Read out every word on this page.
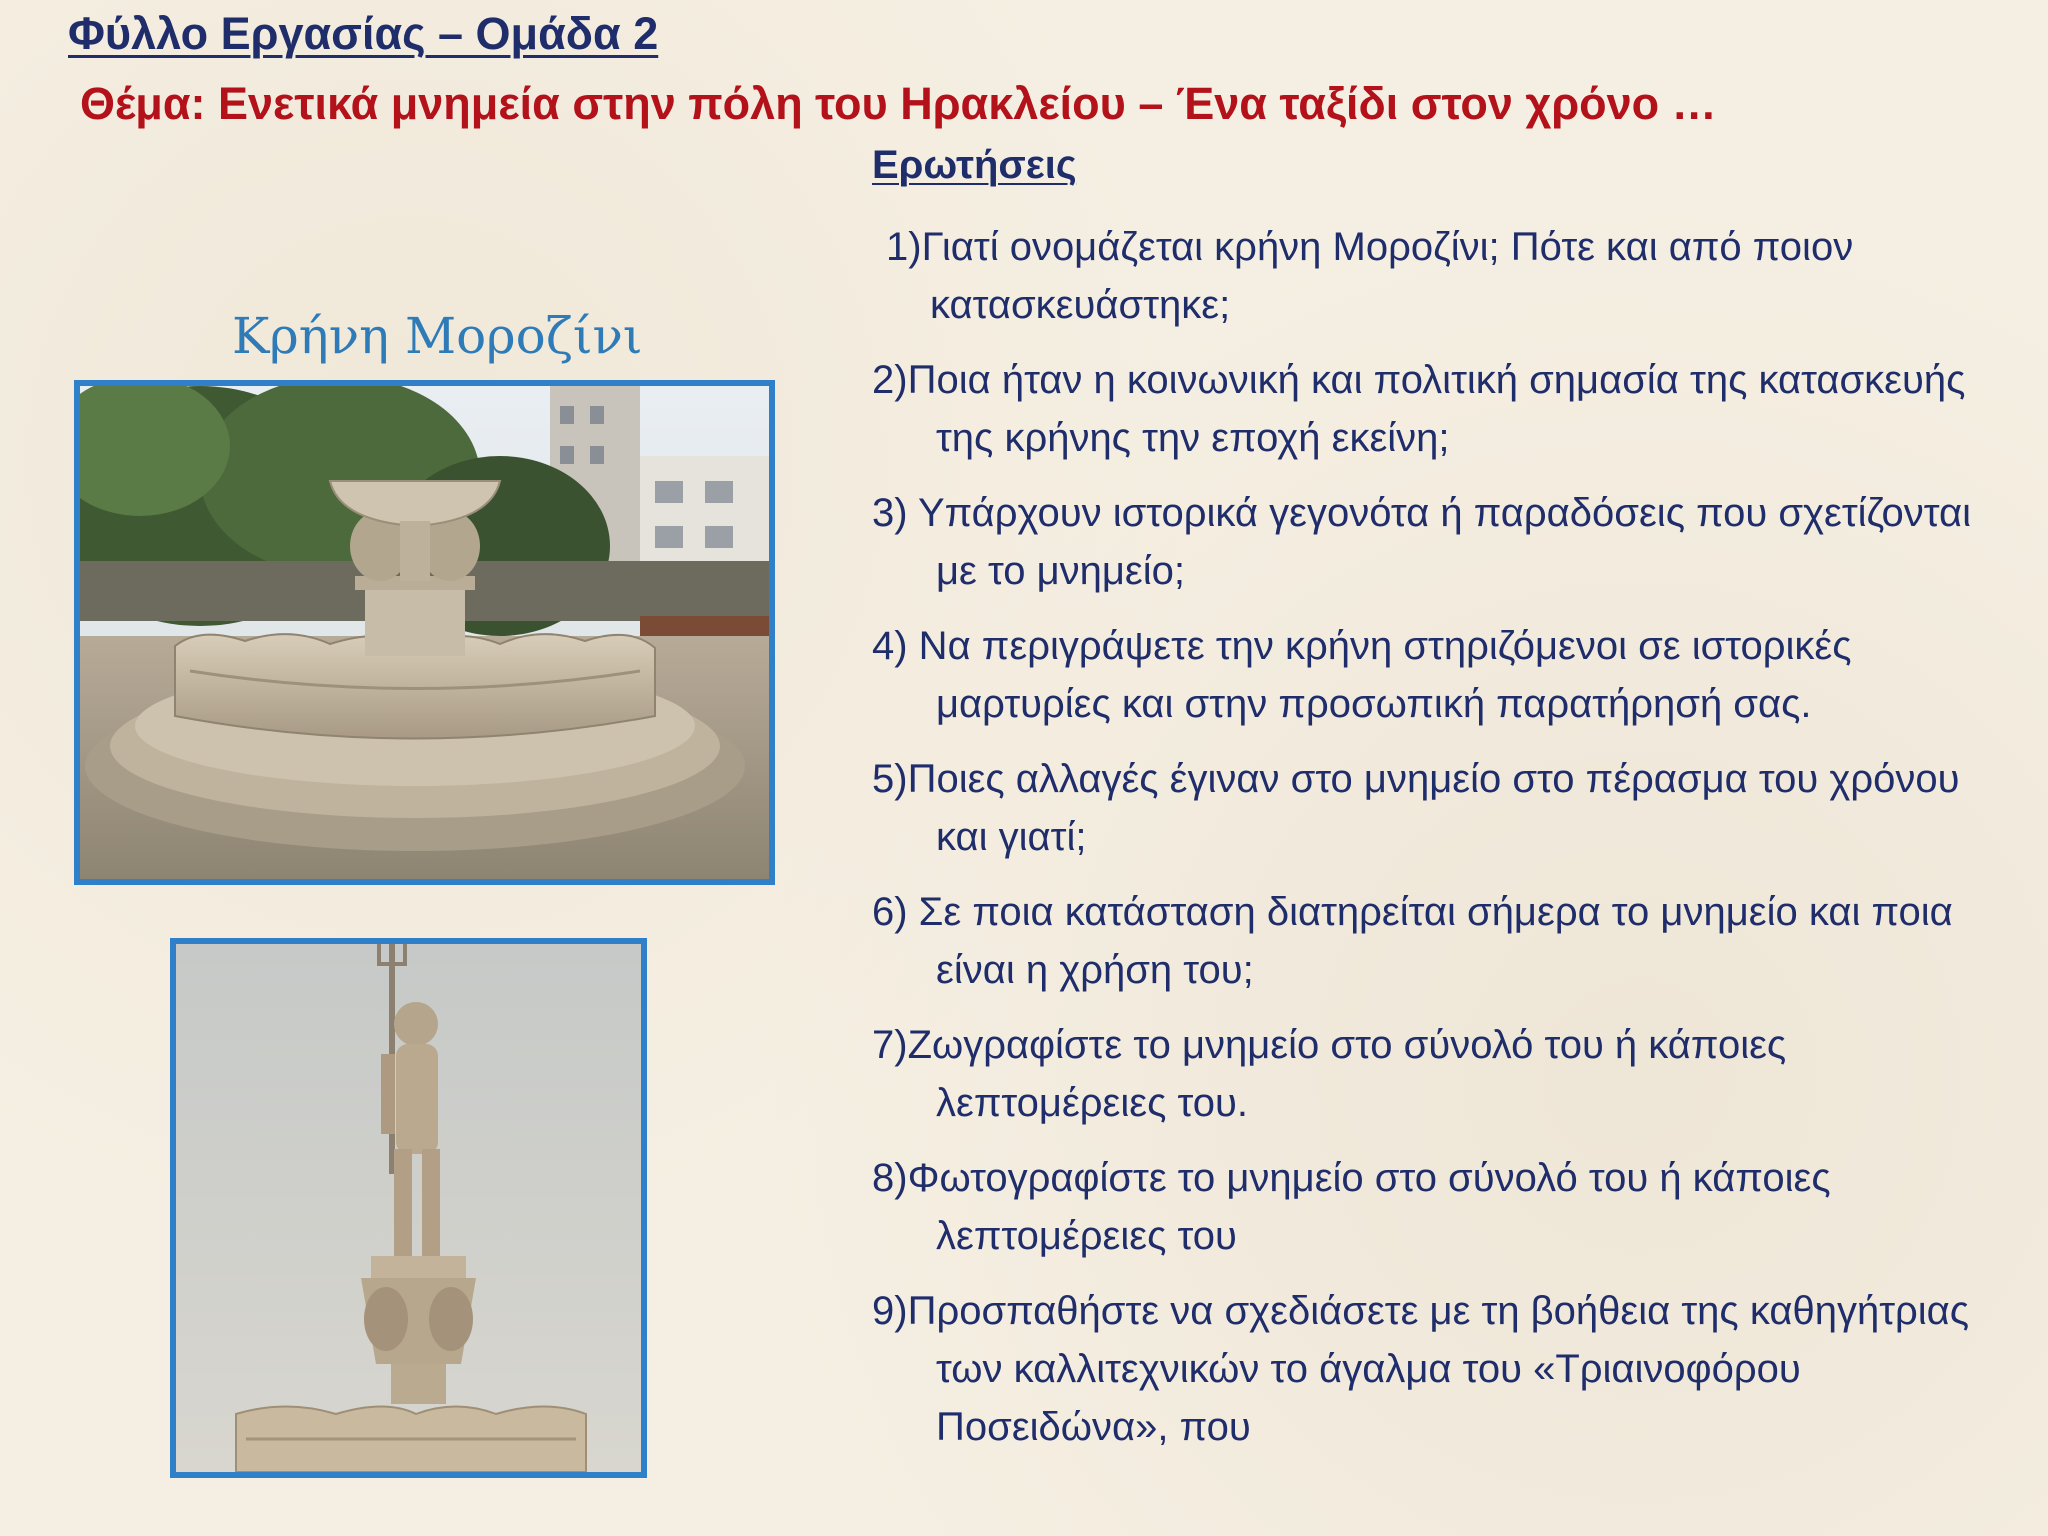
Φύλλο Εργασίας – Ομάδα 2
Θέμα: Ενετικά μνημεία στην πόλη του Ηρακλείου – Ένα ταξίδι στον χρόνο …
Κρήνη Μοροζίνι
Ερωτήσεις
1)Γιατί ονομάζεται κρήνη Μοροζίνι; Πότε και από ποιον κατασκευάστηκε;
2)Ποια ήταν η κοινωνική και πολιτική σημασία της κατασκευής της κρήνης την εποχή εκείνη;
3) Υπάρχουν ιστορικά γεγονότα ή παραδόσεις που σχετίζονται με το μνημείο;
4) Να περιγράψετε την κρήνη στηριζόμενοι σε ιστορικές μαρτυρίες και στην προσωπική παρατήρησή σας.
5)Ποιες αλλαγές έγιναν στο μνημείο στο πέρασμα του χρόνου και γιατί;
6) Σε ποια κατάσταση διατηρείται σήμερα το μνημείο και ποια είναι η χρήση του;
7)Ζωγραφίστε το μνημείο στο σύνολό του ή κάποιες λεπτομέρειες του.
8)Φωτογραφίστε το μνημείο στο σύνολό του ή κάποιες λεπτομέρειες του
9)Προσπαθήστε να σχεδιάσετε με τη βοήθεια της καθηγήτριας των καλλιτεχνικών το άγαλμα του «Τριαινοφόρου Ποσειδώνα», που
